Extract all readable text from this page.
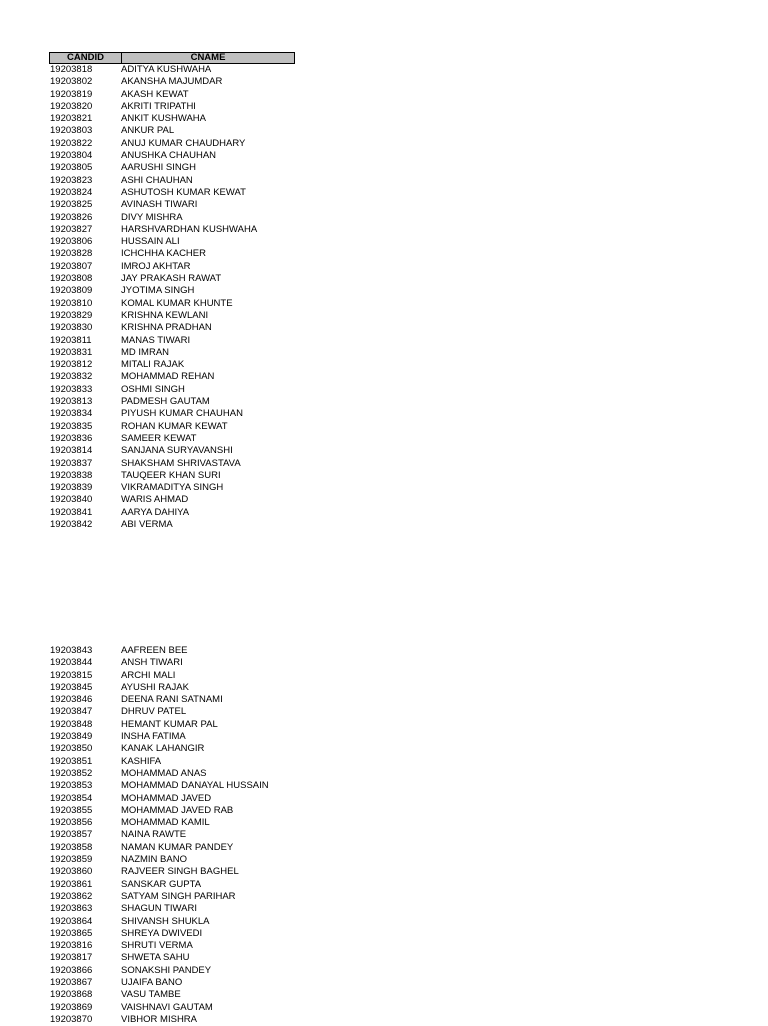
CANDID	CNAME
19203818	ADITYA KUSHWAHA
19203802	AKANSHA MAJUMDAR
19203819	AKASH KEWAT
19203820	AKRITI TRIPATHI
19203821	ANKIT KUSHWAHA
19203803	ANKUR PAL
19203822	ANUJ KUMAR CHAUDHARY
19203804	ANUSHKA CHAUHAN
19203805	AARUSHI SINGH
19203823	ASHI CHAUHAN
19203824	ASHUTOSH KUMAR KEWAT
19203825	AVINASH TIWARI
19203826	DIVY MISHRA
19203827	HARSHVARDHAN KUSHWAHA
19203806	HUSSAIN ALI
19203828	ICHCHHA KACHER
19203807	IMROJ AKHTAR
19203808	JAY PRAKASH RAWAT
19203809	JYOTIMA SINGH
19203810	KOMAL KUMAR KHUNTE
19203829	KRISHNA KEWLANI
19203830	KRISHNA PRADHAN
19203811	MANAS TIWARI
19203831	MD IMRAN
19203812	MITALI RAJAK
19203832	MOHAMMAD REHAN
19203833	OSHMI SINGH
19203813	PADMESH GAUTAM
19203834	PIYUSH KUMAR CHAUHAN
19203835	ROHAN KUMAR KEWAT
19203836	SAMEER KEWAT
19203814	SANJANA SURYAVANSHI
19203837	SHAKSHAM SHRIVASTAVA
19203838	TAUQEER KHAN SURI
19203839	VIKRAMADITYA SINGH
19203840	WARIS AHMAD
19203841	AARYA DAHIYA
19203842	ABI VERMA
19203843	AAFREEN BEE
19203844	ANSH TIWARI
19203815	ARCHI MALI
19203845	AYUSHI RAJAK
19203846	DEENA RANI SATNAMI
19203847	DHRUV PATEL
19203848	HEMANT KUMAR PAL
19203849	INSHA FATIMA
19203850	KANAK LAHANGIR
19203851	KASHIFA
19203852	MOHAMMAD ANAS
19203853	MOHAMMAD DANAYAL HUSSAIN
19203854	MOHAMMAD JAVED
19203855	MOHAMMAD JAVED RAB
19203856	MOHAMMAD KAMIL
19203857	NAINA RAWTE
19203858	NAMAN KUMAR PANDEY
19203859	NAZMIN BANO
19203860	RAJVEER SINGH BAGHEL
19203861	SANSKAR GUPTA
19203862	SATYAM SINGH PARIHAR
19203863	SHAGUN TIWARI
19203864	SHIVANSH SHUKLA
19203865	SHREYA DWIVEDI
19203816	SHRUTI VERMA
19203817	SHWETA SAHU
19203866	SONAKSHI PANDEY
19203867	UJAIFA BANO
19203868	VASU TAMBE
19203869	VAISHNAVI GAUTAM
19203870	VIBHOR MISHRA
